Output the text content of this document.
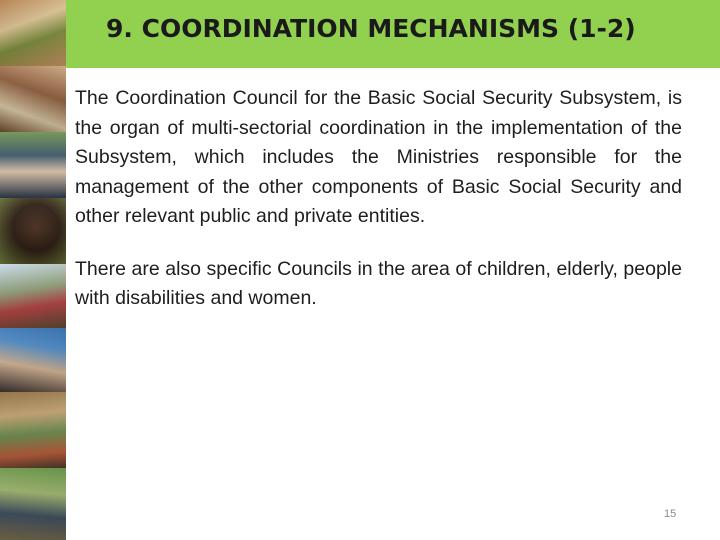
9. COORDINATION MECHANISMS (1-2)

The Coordination Council for the Basic Social Security Subsystem, is the organ of multi-sectorial coordination in the implementation of the Subsystem, which includes the Ministries responsible for the management of the other components of Basic Social Security and other relevant public and private entities.

There are also specific Councils in the area of children, elderly, people with disabilities and women.

15
